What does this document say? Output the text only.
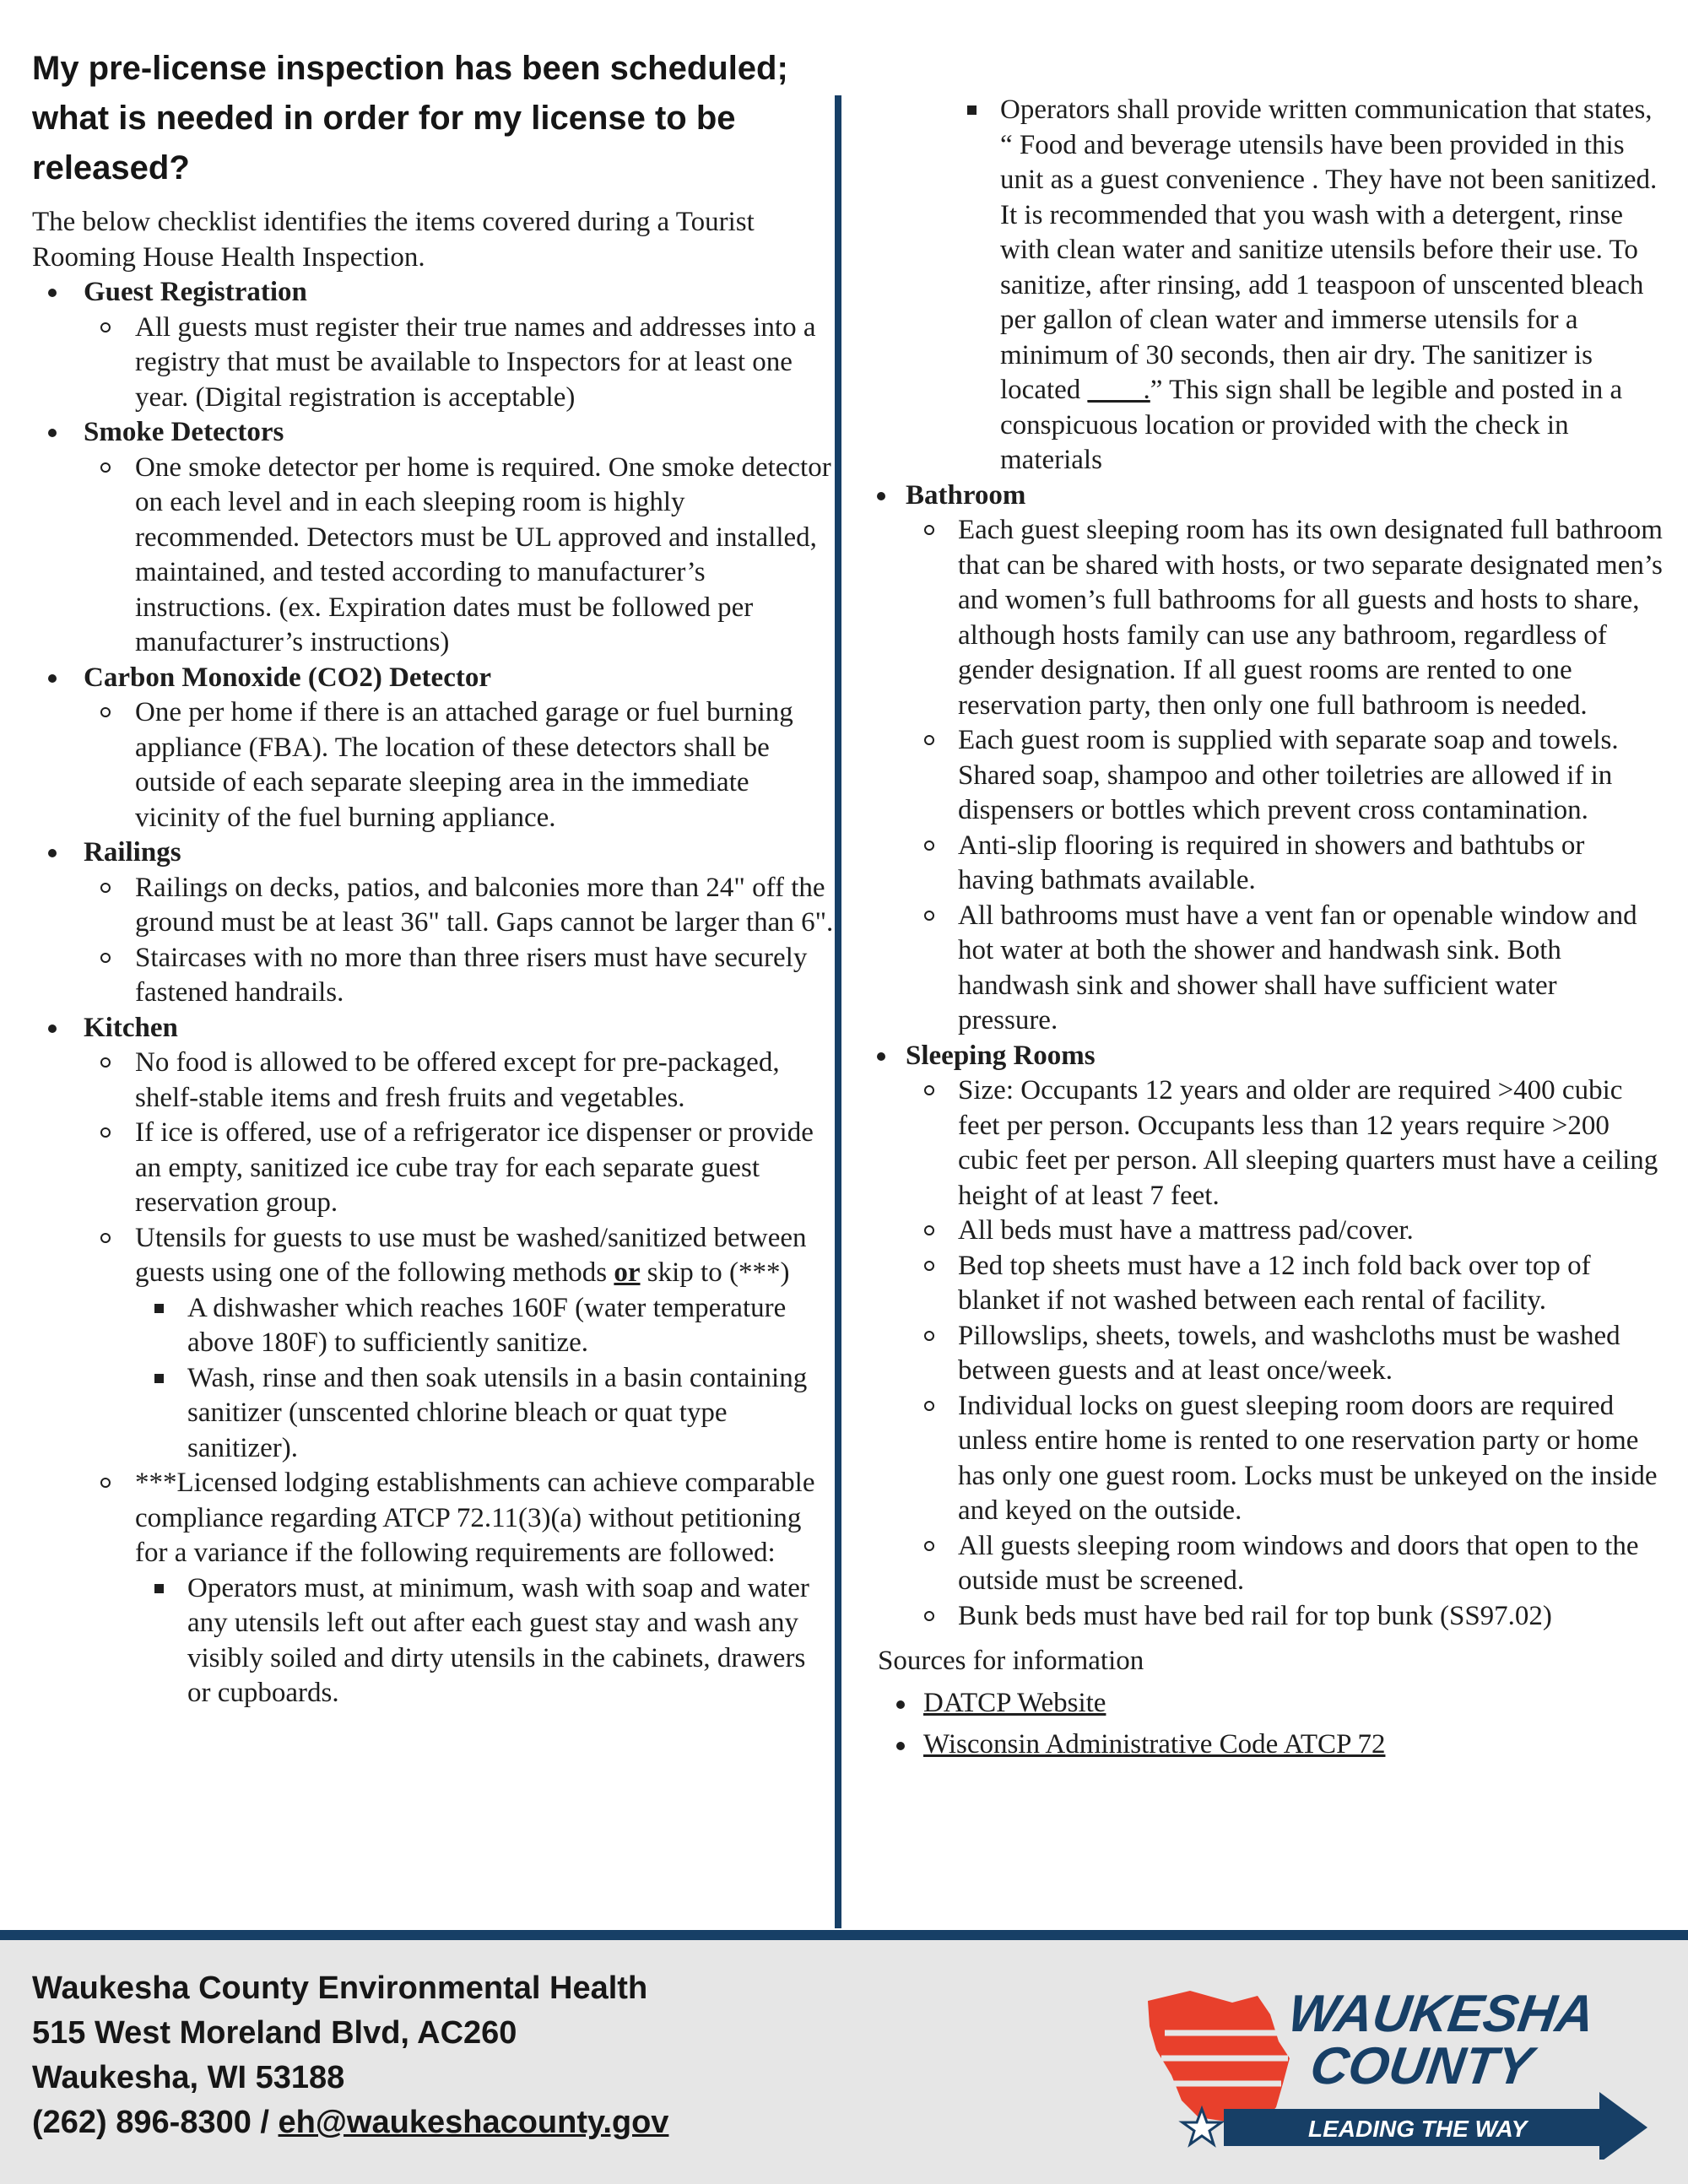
My pre-license inspection has been scheduled; what is needed in order for my license to be released?

The below checklist identifies the items covered during a Tourist Rooming House Health Inspection.

Guest Registration
All guests must register their true names and addresses into a registry that must be available to Inspectors for at least one year. (Digital registration is acceptable)
Smoke Detectors
One smoke detector per home is required. One smoke detector on each level and in each sleeping room is highly recommended. Detectors must be UL approved and installed, maintained, and tested according to manufacturer’s instructions. (ex. Expiration dates must be followed per manufacturer’s instructions)
Carbon Monoxide (CO2) Detector
One per home if there is an attached garage or fuel burning appliance (FBA). The location of these detectors shall be outside of each separate sleeping area in the immediate vicinity of the fuel burning appliance.
Railings
Railings on decks, patios, and balconies more than 24" off the ground must be at least 36" tall. Gaps cannot be larger than 6".
Staircases with no more than three risers must have securely fastened handrails.
Kitchen
No food is allowed to be offered except for pre-packaged, shelf-stable items and fresh fruits and vegetables.
If ice is offered, use of a refrigerator ice dispenser or provide an empty, sanitized ice cube tray for each separate guest reservation group.
Utensils for guests to use must be washed/sanitized between guests using one of the following methods or skip to (***)
A dishwasher which reaches 160F (water temperature above 180F) to sufficiently sanitize.
Wash, rinse and then soak utensils in a basin containing sanitizer (unscented chlorine bleach or quat type sanitizer).
***Licensed lodging establishments can achieve comparable compliance regarding ATCP 72.11(3)(a) without petitioning for a variance if the following requirements are followed:
Operators must, at minimum, wash with soap and water any utensils left out after each guest stay and wash any visibly soiled and dirty utensils in the cabinets, drawers or cupboards.
Operators shall provide written communication that states, “ Food and beverage utensils have been provided in this unit as a guest convenience . They have not been sanitized. It is recommended that you wash with a detergent, rinse with clean water and sanitize utensils before their use. To sanitize, after rinsing, add 1 teaspoon of unscented bleach per gallon of clean water and immerse utensils for a minimum of 30 seconds, then air dry. The sanitizer is located ____.” This sign shall be legible and posted in a conspicuous location or provided with the check in materials
Bathroom
Each guest sleeping room has its own designated full bathroom that can be shared with hosts, or two separate designated men’s and women’s full bathrooms for all guests and hosts to share, although hosts family can use any bathroom, regardless of gender designation. If all guest rooms are rented to one reservation party, then only one full bathroom is needed.
Each guest room is supplied with separate soap and towels. Shared soap, shampoo and other toiletries are allowed if in dispensers or bottles which prevent cross contamination.
Anti-slip flooring is required in showers and bathtubs or having bathmats available.
All bathrooms must have a vent fan or openable window and hot water at both the shower and handwash sink. Both handwash sink and shower shall have sufficient water pressure.
Sleeping Rooms
Size: Occupants 12 years and older are required >400 cubic feet per person. Occupants less than 12 years require >200 cubic feet per person. All sleeping quarters must have a ceiling height of at least 7 feet.
All beds must have a mattress pad/cover.
Bed top sheets must have a 12 inch fold back over top of blanket if not washed between each rental of facility.
Pillowslips, sheets, towels, and washcloths must be washed between guests and at least once/week.
Individual locks on guest sleeping room doors are required unless entire home is rented to one reservation party or home has only one guest room. Locks must be unkeyed on the inside and keyed on the outside.
All guests sleeping room windows and doors that open to the outside must be screened.
Bunk beds must have bed rail for top bunk (SS97.02)

Sources for information

DATCP Website
Wisconsin Administrative Code ATCP 72
Waukesha County Environmental Health
515 West Moreland Blvd, AC260
Waukesha, WI 53188
(262) 896-8300 / eh@waukeshacounty.gov
WAUKESHA
COUNTY
LEADING THE WAY
